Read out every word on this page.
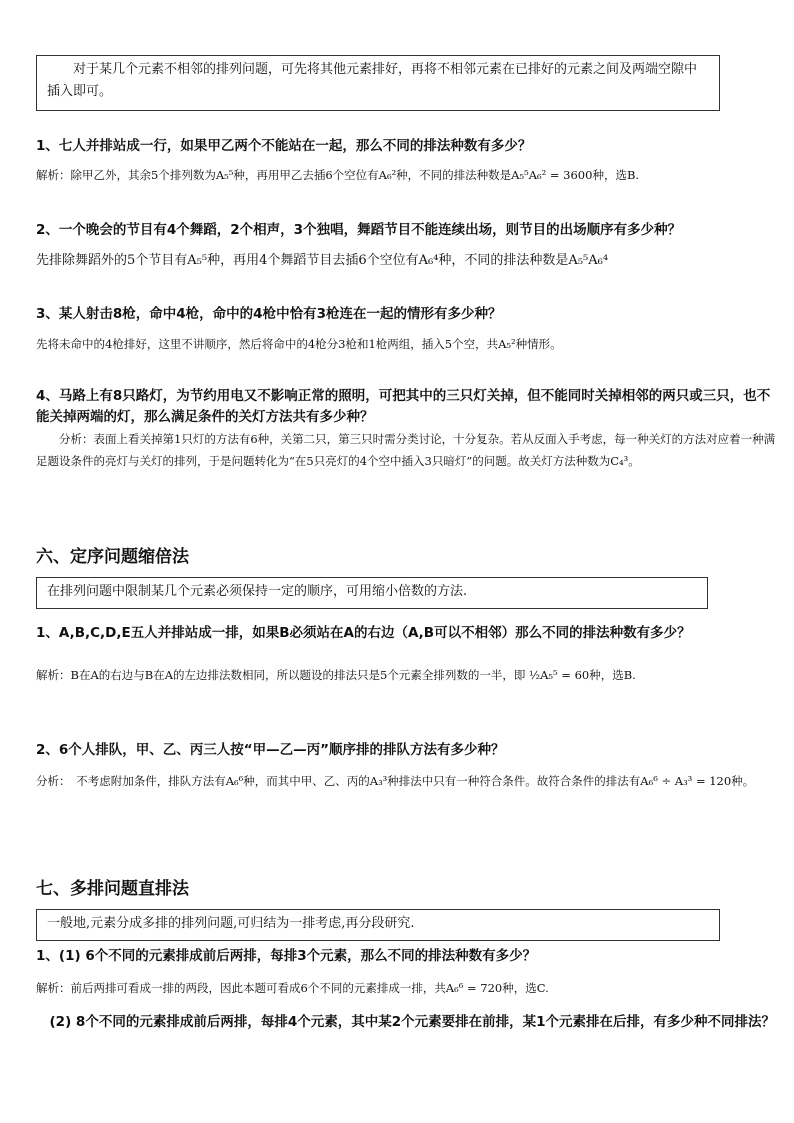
　　对于某几个元素不相邻的排列问题，可先将其他元素排好，再将不相邻元素在已排好的元素之间及两端空隙中插入即可。
1、七人并排站成一行，如果甲乙两个不能站在一起，那么不同的排法种数有多少？
解析：除甲乙外，其余5个排列数为A₅⁵种，再用甲乙去插6个空位有A₆²种，不同的排法种数是A₅⁵A₆² = 3600种，选B.
2、一个晚会的节目有4个舞蹈，2个相声，3个独唱，舞蹈节目不能连续出场，则节目的出场顺序有多少种？
先排除舞蹈外的5个节目有A₅⁵种，再用4个舞蹈节目去插6个空位有A₆⁴种，不同的排法种数是A₅⁵A₆⁴
3、某人射击8枪，命中4枪，命中的4枪中恰有3枪连在一起的情形有多少种？
先将未命中的4枪排好，这里不讲顺序，然后将命中的4枪分3枪和1枪两组，插入5个空，共A₅²种情形。
4、马路上有8只路灯，为节约用电又不影响正常的照明，可把其中的三只灯关掉，但不能同时关掉相邻的两只或三只，也不能关掉两端的灯，那么满足条件的关灯方法共有多少种？
　　分析：表面上看关掉第1只灯的方法有6种，关第二只，第三只时需分类讨论，十分复杂。若从反面入手考虑，每一种关灯的方法对应着一种满足题设条件的亮灯与关灯的排列，于是问题转化为“在5只亮灯的4个空中插入3只暗灯”的问题。故关灯方法种数为C₄³。
六、定序问题缩倍法
在排列问题中限制某几个元素必须保持一定的顺序，可用缩小倍数的方法.
1、A,B,C,D,E五人并排站成一排，如果B必须站在A的右边（A,B可以不相邻）那么不同的排法种数有多少？
解析：B在A的右边与B在A的左边排法数相同，所以题设的排法只是5个元素全排列数的一半，即 ½A₅⁵ = 60种，选B.
2、6个人排队，甲、乙、丙三人按“甲—乙—丙”顺序排的排队方法有多少种？
分析：　不考虑附加条件，排队方法有A₆⁶种，而其中甲、乙、丙的A₃³种排法中只有一种符合条件。故符合条件的排法有A₆⁶ ÷ A₃³ = 120种。
七、多排问题直排法
一般地,元素分成多排的排列问题,可归结为一排考虑,再分段研究.
1、(1) 6个不同的元素排成前后两排，每排3个元素，那么不同的排法种数有多少？
解析：前后两排可看成一排的两段，因此本题可看成6个不同的元素排成一排，共A₆⁶ = 720种，选C.
　(2) 8个不同的元素排成前后两排，每排4个元素，其中某2个元素要排在前排，某1个元素排在后排，有多少种不同排法？
